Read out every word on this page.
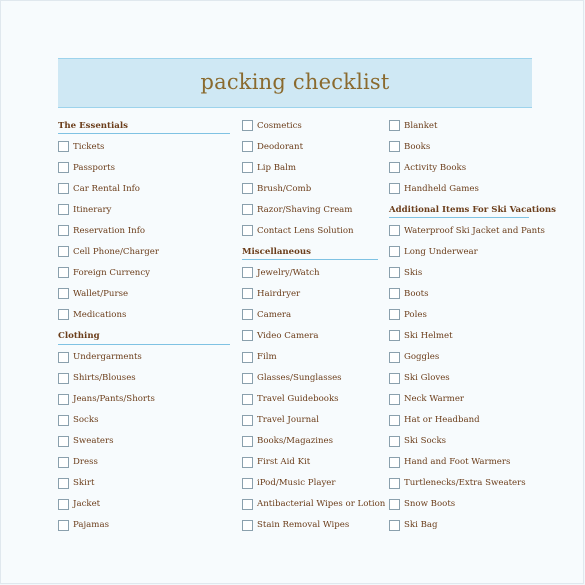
packing checklist
The Essentials
Tickets
Passports
Car Rental Info
Itinerary
Reservation Info
Cell Phone/Charger
Foreign Currency
Wallet/Purse
Medications
Clothing
Undergarments
Shirts/Blouses
Jeans/Pants/Shorts
Socks
Sweaters
Dress
Skirt
Jacket
Pajamas
Cosmetics
Deodorant
Lip Balm
Brush/Comb
Razor/Shaving Cream
Contact Lens Solution
Miscellaneous
Jewelry/Watch
Hairdryer
Camera
Video Camera
Film
Glasses/Sunglasses
Travel Guidebooks
Travel Journal
Books/Magazines
First Aid Kit
iPod/Music Player
Antibacterial Wipes or Lotion
Stain Removal Wipes
Blanket
Books
Activity Books
Handheld Games
Additional Items For Ski Vacations
Waterproof Ski Jacket and Pants
Long Underwear
Skis
Boots
Poles
Ski Helmet
Goggles
Ski Gloves
Neck Warmer
Hat or Headband
Ski Socks
Hand and Foot Warmers
Turtlenecks/Extra Sweaters
Snow Boots
Ski Bag
